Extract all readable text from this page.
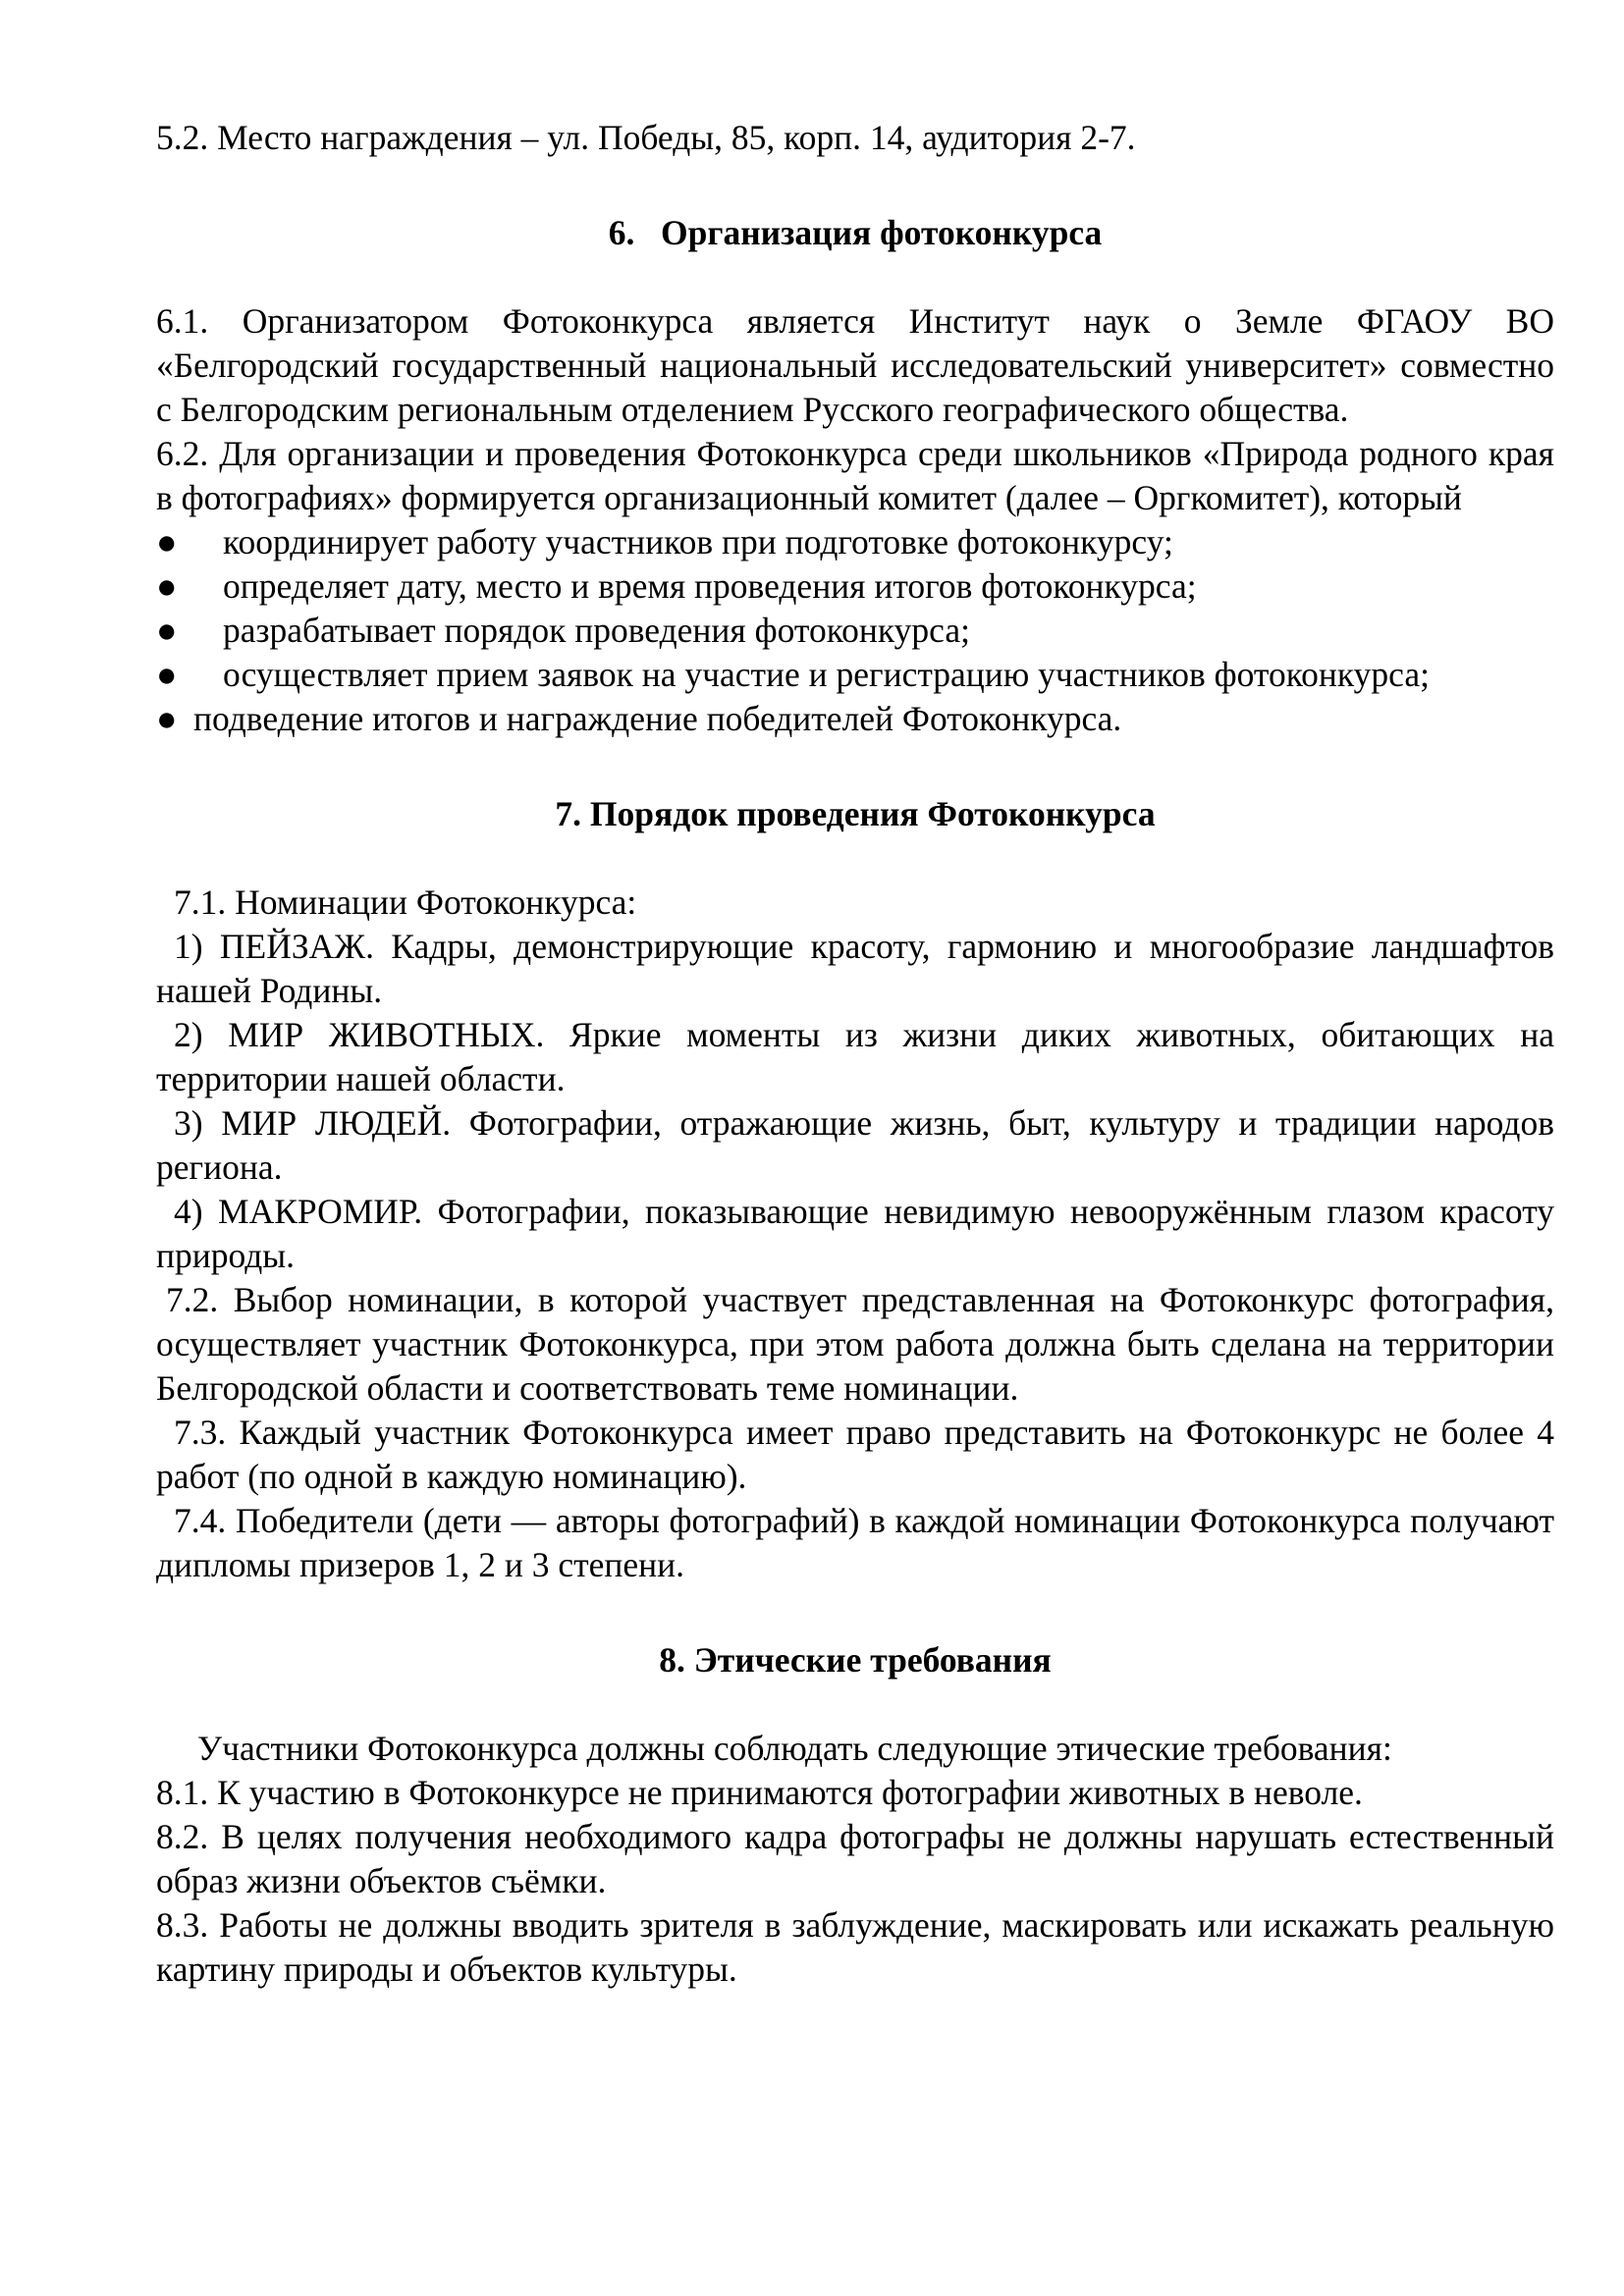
5.2. Место награждения – ул. Победы, 85, корп. 14, аудитория 2-7.

6.   Организация фотоконкурса

6.1. Организатором Фотоконкурса является Институт наук о Земле ФГАОУ ВО «Белгородский государственный национальный исследовательский университет» совместно с Белгородским региональным отделением Русского географического общества.

6.2. Для организации и проведения Фотоконкурса среди школьников «Природа родного края в фотографиях» формируется организационный комитет (далее – Оргкомитет), который

● координирует работу участников при подготовке фотоконкурсу;

● определяет дату, место и время проведения итогов фотоконкурса;

● разрабатывает порядок проведения фотоконкурса;

● осуществляет прием заявок на участие и регистрацию участников фотоконкурса;

● подведение итогов и награждение победителей Фотоконкурса.

7. Порядок проведения Фотоконкурса

7.1. Номинации Фотоконкурса:

1) ПЕЙЗАЖ. Кадры, демонстрирующие красоту, гармонию и многообразие ландшафтов нашей Родины.

2) МИР ЖИВОТНЫХ. Яркие моменты из жизни диких животных, обитающих на территории нашей области.

3) МИР ЛЮДЕЙ. Фотографии, отражающие жизнь, быт, культуру и традиции народов региона.

4) МАКРОМИР. Фотографии, показывающие невидимую невооружённым глазом красоту природы.

7.2. Выбор номинации, в которой участвует представленная на Фотоконкурс фотография, осуществляет участник Фотоконкурса, при этом работа должна быть сделана на территории Белгородской области и соответствовать теме номинации.

7.3. Каждый участник Фотоконкурса имеет право представить на Фотоконкурс не более 4 работ (по одной в каждую номинацию).

7.4. Победители (дети — авторы фотографий) в каждой номинации Фотоконкурса получают дипломы призеров 1, 2 и 3 степени.

8. Этические требования

Участники Фотоконкурса должны соблюдать следующие этические требования:

8.1. К участию в Фотоконкурсе не принимаются фотографии животных в неволе.

8.2. В целях получения необходимого кадра фотографы не должны нарушать естественный образ жизни объектов съёмки.

8.3. Работы не должны вводить зрителя в заблуждение, маскировать или искажать реальную картину природы и объектов культуры.
